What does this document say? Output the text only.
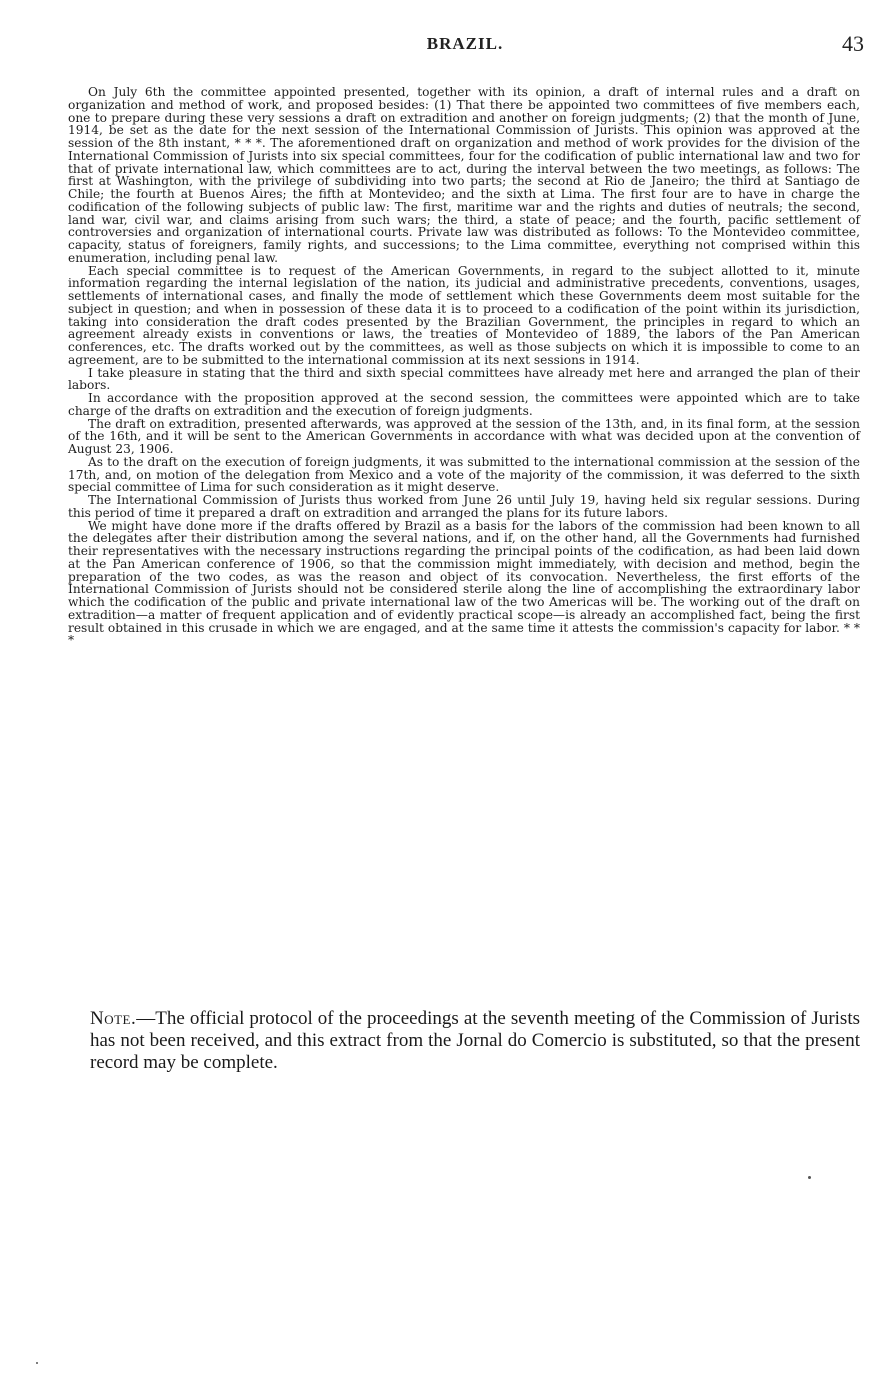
BRAZIL.	43

On July 6th the committee appointed presented, together with its opinion, a draft of internal rules and a draft on organization and method of work, and proposed besides: (1) That there be appointed two committees of five members each, one to prepare during these very sessions a draft on extradition and another on foreign judgments; (2) that the month of June, 1914, be set as the date for the next session of the International Commission of Jurists. This opinion was approved at the session of the 8th instant, * * *. The aforementioned draft on organization and method of work provides for the division of the International Commission of Jurists into six special committees, four for the codification of public international law and two for that of private international law, which committees are to act, during the interval between the two meetings, as follows: The first at Washington, with the privilege of subdividing into two parts; the second at Rio de Janeiro; the third at Santiago de Chile; the fourth at Buenos Aires; the fifth at Montevideo; and the sixth at Lima. The first four are to have in charge the codification of the following subjects of public law: The first, maritime war and the rights and duties of neutrals; the second, land war, civil war, and claims arising from such wars; the third, a state of peace; and the fourth, pacific settlement of controversies and organization of international courts. Private law was distributed as follows: To the Montevideo committee, capacity, status of foreigners, family rights, and successions; to the Lima committee, everything not comprised within this enumeration, including penal law.

Each special committee is to request of the American Governments, in regard to the subject allotted to it, minute information regarding the internal legislation of the nation, its judicial and administrative precedents, conventions, usages, settlements of international cases, and finally the mode of settlement which these Governments deem most suitable for the subject in question; and when in possession of these data it is to proceed to a codification of the point within its jurisdiction, taking into consideration the draft codes presented by the Brazilian Government, the principles in regard to which an agreement already exists in conventions or laws, the treaties of Montevideo of 1889, the labors of the Pan American conferences, etc. The drafts worked out by the committees, as well as those subjects on which it is impossible to come to an agreement, are to be submitted to the international commission at its next sessions in 1914.

I take pleasure in stating that the third and sixth special committees have already met here and arranged the plan of their labors.

In accordance with the proposition approved at the second session, the committees were appointed which are to take charge of the drafts on extradition and the execution of foreign judgments.

The draft on extradition, presented afterwards, was approved at the session of the 13th, and, in its final form, at the session of the 16th, and it will be sent to the American Governments in accordance with what was decided upon at the convention of August 23, 1906.

As to the draft on the execution of foreign judgments, it was submitted to the international commission at the session of the 17th, and, on motion of the delegation from Mexico and a vote of the majority of the commission, it was deferred to the sixth special committee of Lima for such consideration as it might deserve.

The International Commission of Jurists thus worked from June 26 until July 19, having held six regular sessions. During this period of time it prepared a draft on extradition and arranged the plans for its future labors.

We might have done more if the drafts offered by Brazil as a basis for the labors of the commission had been known to all the delegates after their distribution among the several nations, and if, on the other hand, all the Governments had furnished their representatives with the necessary instructions regarding the principal points of the codification, as had been laid down at the Pan American conference of 1906, so that the commission might immediately, with decision and method, begin the preparation of the two codes, as was the reason and object of its convocation. Nevertheless, the first efforts of the International Commission of Jurists should not be considered sterile along the line of accomplishing the extraordinary labor which the codification of the public and private international law of the two Americas will be. The working out of the draft on extradition—a matter of frequent application and of evidently practical scope—is already an accomplished fact, being the first result obtained in this crusade in which we are engaged, and at the same time it attests the commission's capacity for labor. * * *

Note.—The official protocol of the proceedings at the seventh meeting of the Commission of Jurists has not been received, and this extract from the Jornal do Comercio is substituted, so that the present record may be complete.
